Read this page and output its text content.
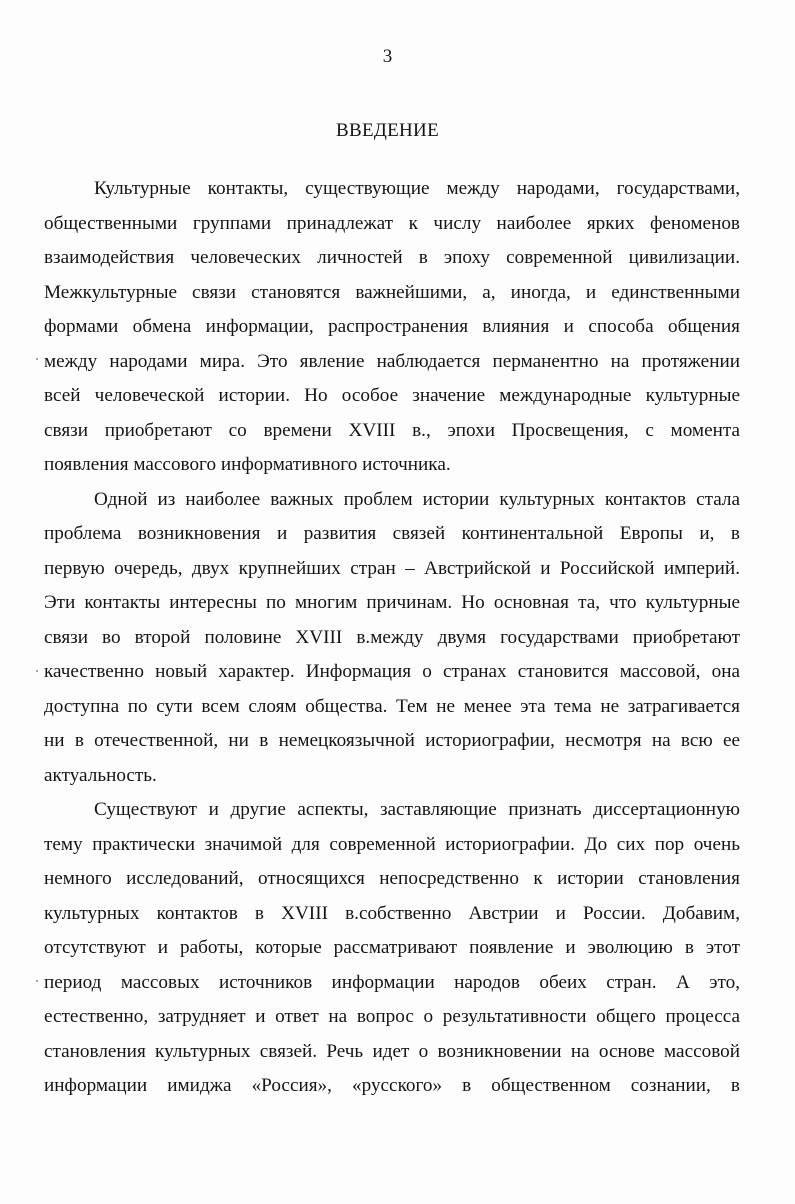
3
ВВЕДЕНИЕ
Культурные контакты, существующие между народами, государствами,
общественными группами принадлежат к числу наиболее ярких феноменов
взаимодействия человеческих личностей в эпоху современной цивилизации.
Межкультурные связи становятся важнейшими, а, иногда, и единственными
формами обмена информации, распространения влияния и способа общения
между народами мира. Это явление наблюдается перманентно на протяжении
всей человеческой истории. Но особое значение международные культурные
связи приобретают со времени XVIII в., эпохи Просвещения, с момента
появления массового информативного источника.
Одной из наиболее важных проблем истории культурных контактов стала
проблема возникновения и развития связей континентальной Европы и, в
первую очередь, двух крупнейших стран – Австрийской и Российской империй.
Эти контакты интересны по многим причинам. Но основная та, что культурные
связи во второй половине XVIII в.между двумя государствами приобретают
качественно новый характер. Информация о странах становится массовой, она
доступна по сути всем слоям общества. Тем не менее эта тема не затрагивается
ни в отечественной, ни в немецкоязычной историографии, несмотря на всю ее
актуальность.
Существуют и другие аспекты, заставляющие признать диссертационную
тему практически значимой для современной историографии. До сих пор очень
немного исследований, относящихся непосредственно к истории становления
культурных контактов в XVIII в.собственно Австрии и России. Добавим,
отсутствуют и работы, которые рассматривают появление и эволюцию в этот
период массовых источников информации народов обеих стран. А это,
естественно, затрудняет и ответ на вопрос о результативности общего процесса
становления культурных связей. Речь идет о возникновении на основе массовой
информации имиджа «Россия», «русского» в общественном сознании, в
